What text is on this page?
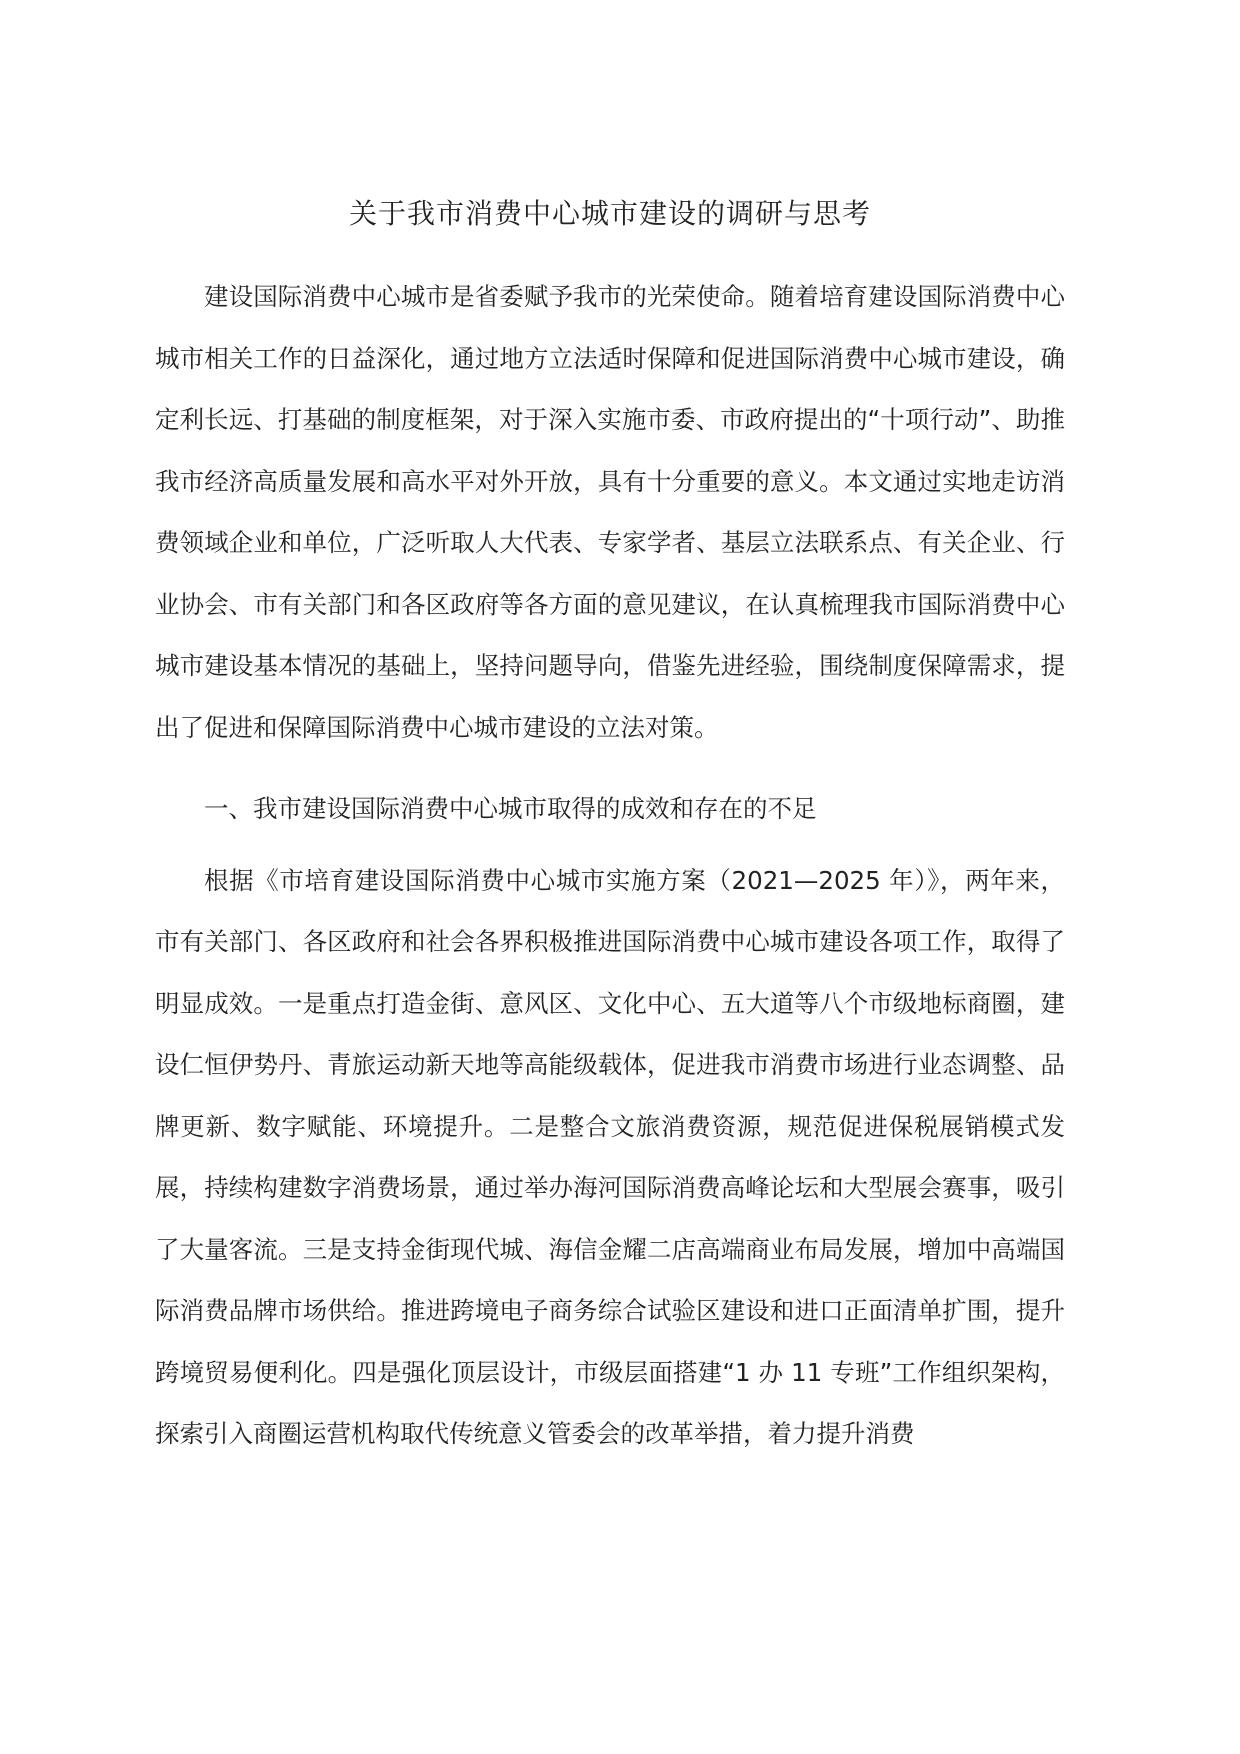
关于我市消费中心城市建设的调研与思考

建设国际消费中心城市是省委赋予我市的光荣使命。随着培育建设国际消费中心城市相关工作的日益深化，通过地方立法适时保障和促进国际消费中心城市建设，确定利长远、打基础的制度框架，对于深入实施市委、市政府提出的“十项行动”、助推我市经济高质量发展和高水平对外开放，具有十分重要的意义。本文通过实地走访消费领域企业和单位，广泛听取人大代表、专家学者、基层立法联系点、有关企业、行业协会、市有关部门和各区政府等各方面的意见建议，在认真梳理我市国际消费中心城市建设基本情况的基础上，坚持问题导向，借鉴先进经验，围绕制度保障需求，提出了促进和保障国际消费中心城市建设的立法对策。

一、我市建设国际消费中心城市取得的成效和存在的不足

根据《市培育建设国际消费中心城市实施方案（2021—2025 年）》，两年来，市有关部门、各区政府和社会各界积极推进国际消费中心城市建设各项工作，取得了明显成效。一是重点打造金街、意风区、文化中心、五大道等八个市级地标商圈，建设仁恒伊势丹、青旅运动新天地等高能级载体，促进我市消费市场进行业态调整、品牌更新、数字赋能、环境提升。二是整合文旅消费资源，规范促进保税展销模式发展，持续构建数字消费场景，通过举办海河国际消费高峰论坛和大型展会赛事，吸引了大量客流。三是支持金街现代城、海信金耀二店高端商业布局发展，增加中高端国际消费品牌市场供给。推进跨境电子商务综合试验区建设和进口正面清单扩围，提升跨境贸易便利化。四是强化顶层设计，市级层面搭建“1 办 11 专班”工作组织架构，探索引入商圈运营机构取代传统意义管委会的改革举措，着力提升消费
